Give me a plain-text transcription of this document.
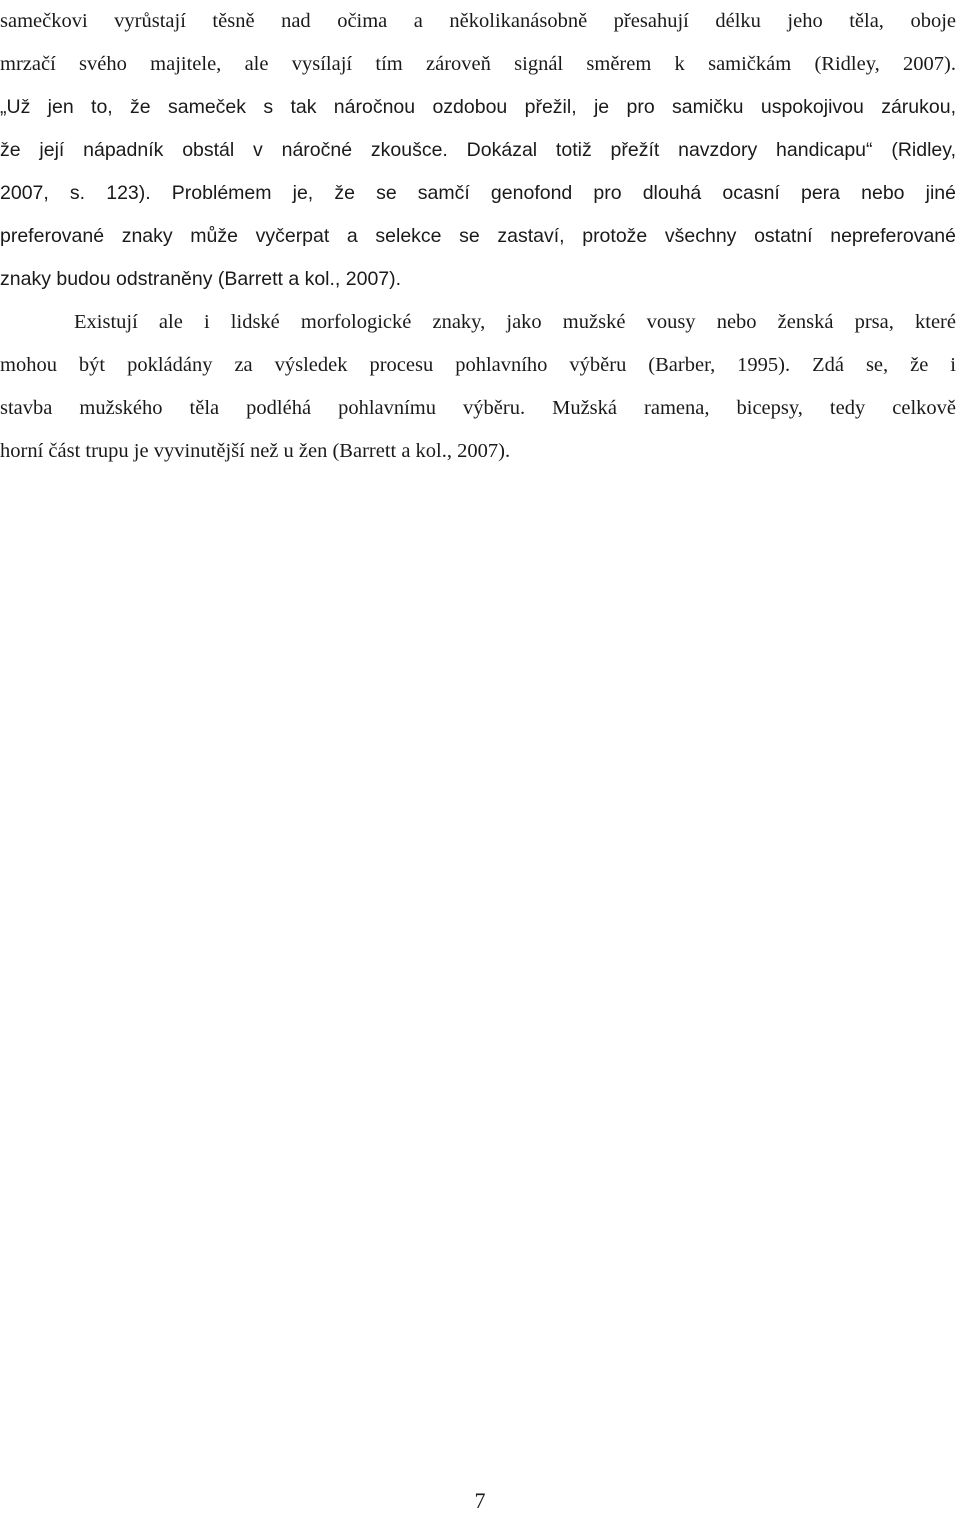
samečkovi vyrůstají těsně nad očima a několikanásobně přesahují délku jeho těla, oboje
mrzačí svého majitele, ale vysílají tím zároveň signál směrem k samičkám (Ridley, 2007).
„Už jen to, že sameček s tak náročnou ozdobou přežil, je pro samičku uspokojivou zárukou,
že její nápadník obstál v náročné zkoušce. Dokázal totiž přežít navzdory handicapu“ (Ridley,
2007, s. 123). Problémem je, že se samčí genofond pro dlouhá ocasní pera nebo jiné
preferované znaky může vyčerpat a selekce se zastaví, protože všechny ostatní nepreferované
znaky budou odstraněny (Barrett a kol., 2007).
Existují ale i lidské morfologické znaky, jako mužské vousy nebo ženská prsa, které
mohou být pokládány za výsledek procesu pohlavního výběru (Barber, 1995). Zdá se, že i
stavba mužského těla podléhá pohlavnímu výběru. Mužská ramena, bicepsy, tedy celkově
horní část trupu je vyvinutější než u žen (Barrett a kol., 2007).
7
